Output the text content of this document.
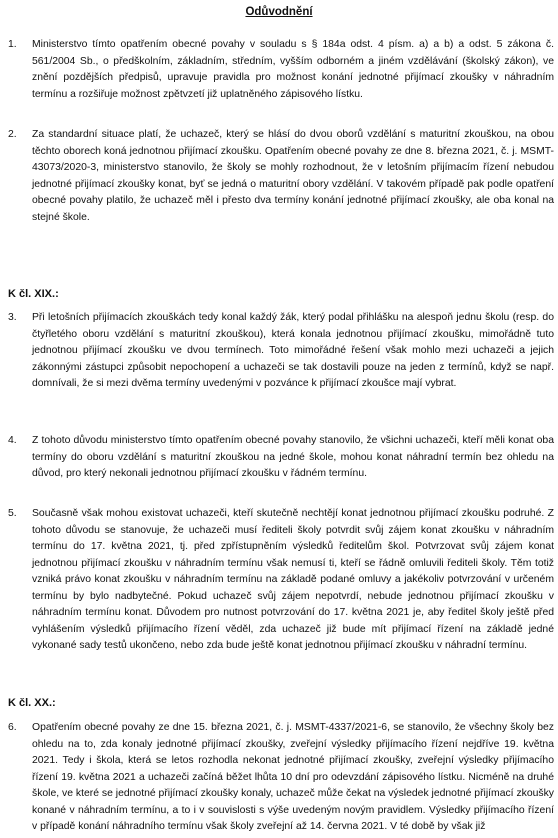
Odůvodnění
1.	Ministerstvo tímto opatřením obecné povahy v souladu s § 184a odst. 4 písm. a) a b) a odst. 5 zákona č. 561/2004 Sb., o předškolním, základním, středním, vyšším odborném a jiném vzdělávání (školský zákon), ve znění pozdějších předpisů, upravuje pravidla pro možnost konání jednotné přijímací zkoušky v náhradním termínu a rozšiřuje možnost zpětvzetí již uplatněného zápisového lístku.
2.	Za standardní situace platí, že uchazeč, který se hlásí do dvou oborů vzdělání s maturitní zkouškou, na obou těchto oborech koná jednotnou přijímací zkoušku. Opatřením obecné povahy ze dne 8. března 2021, č. j. MSMT-43073/2020-3, ministerstvo stanovilo, že školy se mohly rozhodnout, že v letošním přijímacím řízení nebudou jednotné přijímací zkoušky konat, byť se jedná o maturitní obory vzdělání. V takovém případě pak podle opatření obecné povahy platilo, že uchazeč měl i přesto dva termíny konání jednotné přijímací zkoušky, ale oba konal na stejné škole.
K čl. XIX.:
3.	Při letošních přijímacích zkouškách tedy konal každý žák, který podal přihlášku na alespoň jednu školu (resp. do čtyřletého oboru vzdělání s maturitní zkouškou), která konala jednotnou přijímací zkoušku, mimořádně tuto jednotnou přijímací zkoušku ve dvou termínech. Toto mimořádné řešení však mohlo mezi uchazeči a jejich zákonnými zástupci způsobit nepochopení a uchazeči se tak dostavili pouze na jeden z termínů, když se např. domnívali, že si mezi dvěma termíny uvedenými v pozvánce k přijímací zkoušce mají vybrat.
4.	Z tohoto důvodu ministerstvo tímto opatřením obecné povahy stanovilo, že všichni uchazeči, kteří měli konat oba termíny do oboru vzdělání s maturitní zkouškou na jedné škole, mohou konat náhradní termín bez ohledu na důvod, pro který nekonali jednotnou přijímací zkoušku v řádném termínu.
5.	Současně však mohou existovat uchazeči, kteří skutečně nechtějí konat jednotnou přijímací zkoušku podruhé. Z tohoto důvodu se stanovuje, že uchazeči musí řediteli školy potvrdit svůj zájem konat zkoušku v náhradním termínu do 17. května 2021, tj. před zpřístupněním výsledků ředitelům škol. Potvrzovat svůj zájem konat jednotnou přijímací zkoušku v náhradním termínu však nemusí ti, kteří se řádně omluvili řediteli školy. Těm totiž vzniká právo konat zkoušku v náhradním termínu na základě podané omluvy a jakékoliv potvrzování v určeném termínu by bylo nadbytečné. Pokud uchazeč svůj zájem nepotvrdí, nebude jednotnou přijímací zkoušku v náhradním termínu konat. Důvodem pro nutnost potvrzování do 17. května 2021 je, aby ředitel školy ještě před vyhlášením výsledků přijímacího řízení věděl, zda uchazeč již bude mít přijímací řízení na základě jedné vykonané sady testů ukončeno, nebo zda bude ještě konat jednotnou přijímací zkoušku v náhradní termínu.
K čl. XX.:
6.	Opatřením obecné povahy ze dne 15. března 2021, č. j. MSMT-4337/2021-6, se stanovilo, že všechny školy bez ohledu na to, zda konaly jednotné přijímací zkoušky, zveřejní výsledky přijímacího řízení nejdříve 19. května 2021. Tedy i škola, která se letos rozhodla nekonat jednotné přijímací zkoušky, zveřejní výsledky přijímacího řízení 19. května 2021 a uchazeči začíná běžet lhůta 10 dní pro odevzdání zápisového lístku. Nicméně na druhé škole, ve které se jednotné přijímací zkoušky konaly, uchazeč může čekat na výsledek jednotné přijímací zkoušky konané v náhradním termínu, a to i v souvislosti s výše uvedeným novým pravidlem. Výsledky přijímacího řízení v případě konání náhradního termínu však školy zveřejní až 14. června 2021. V té době by však již
